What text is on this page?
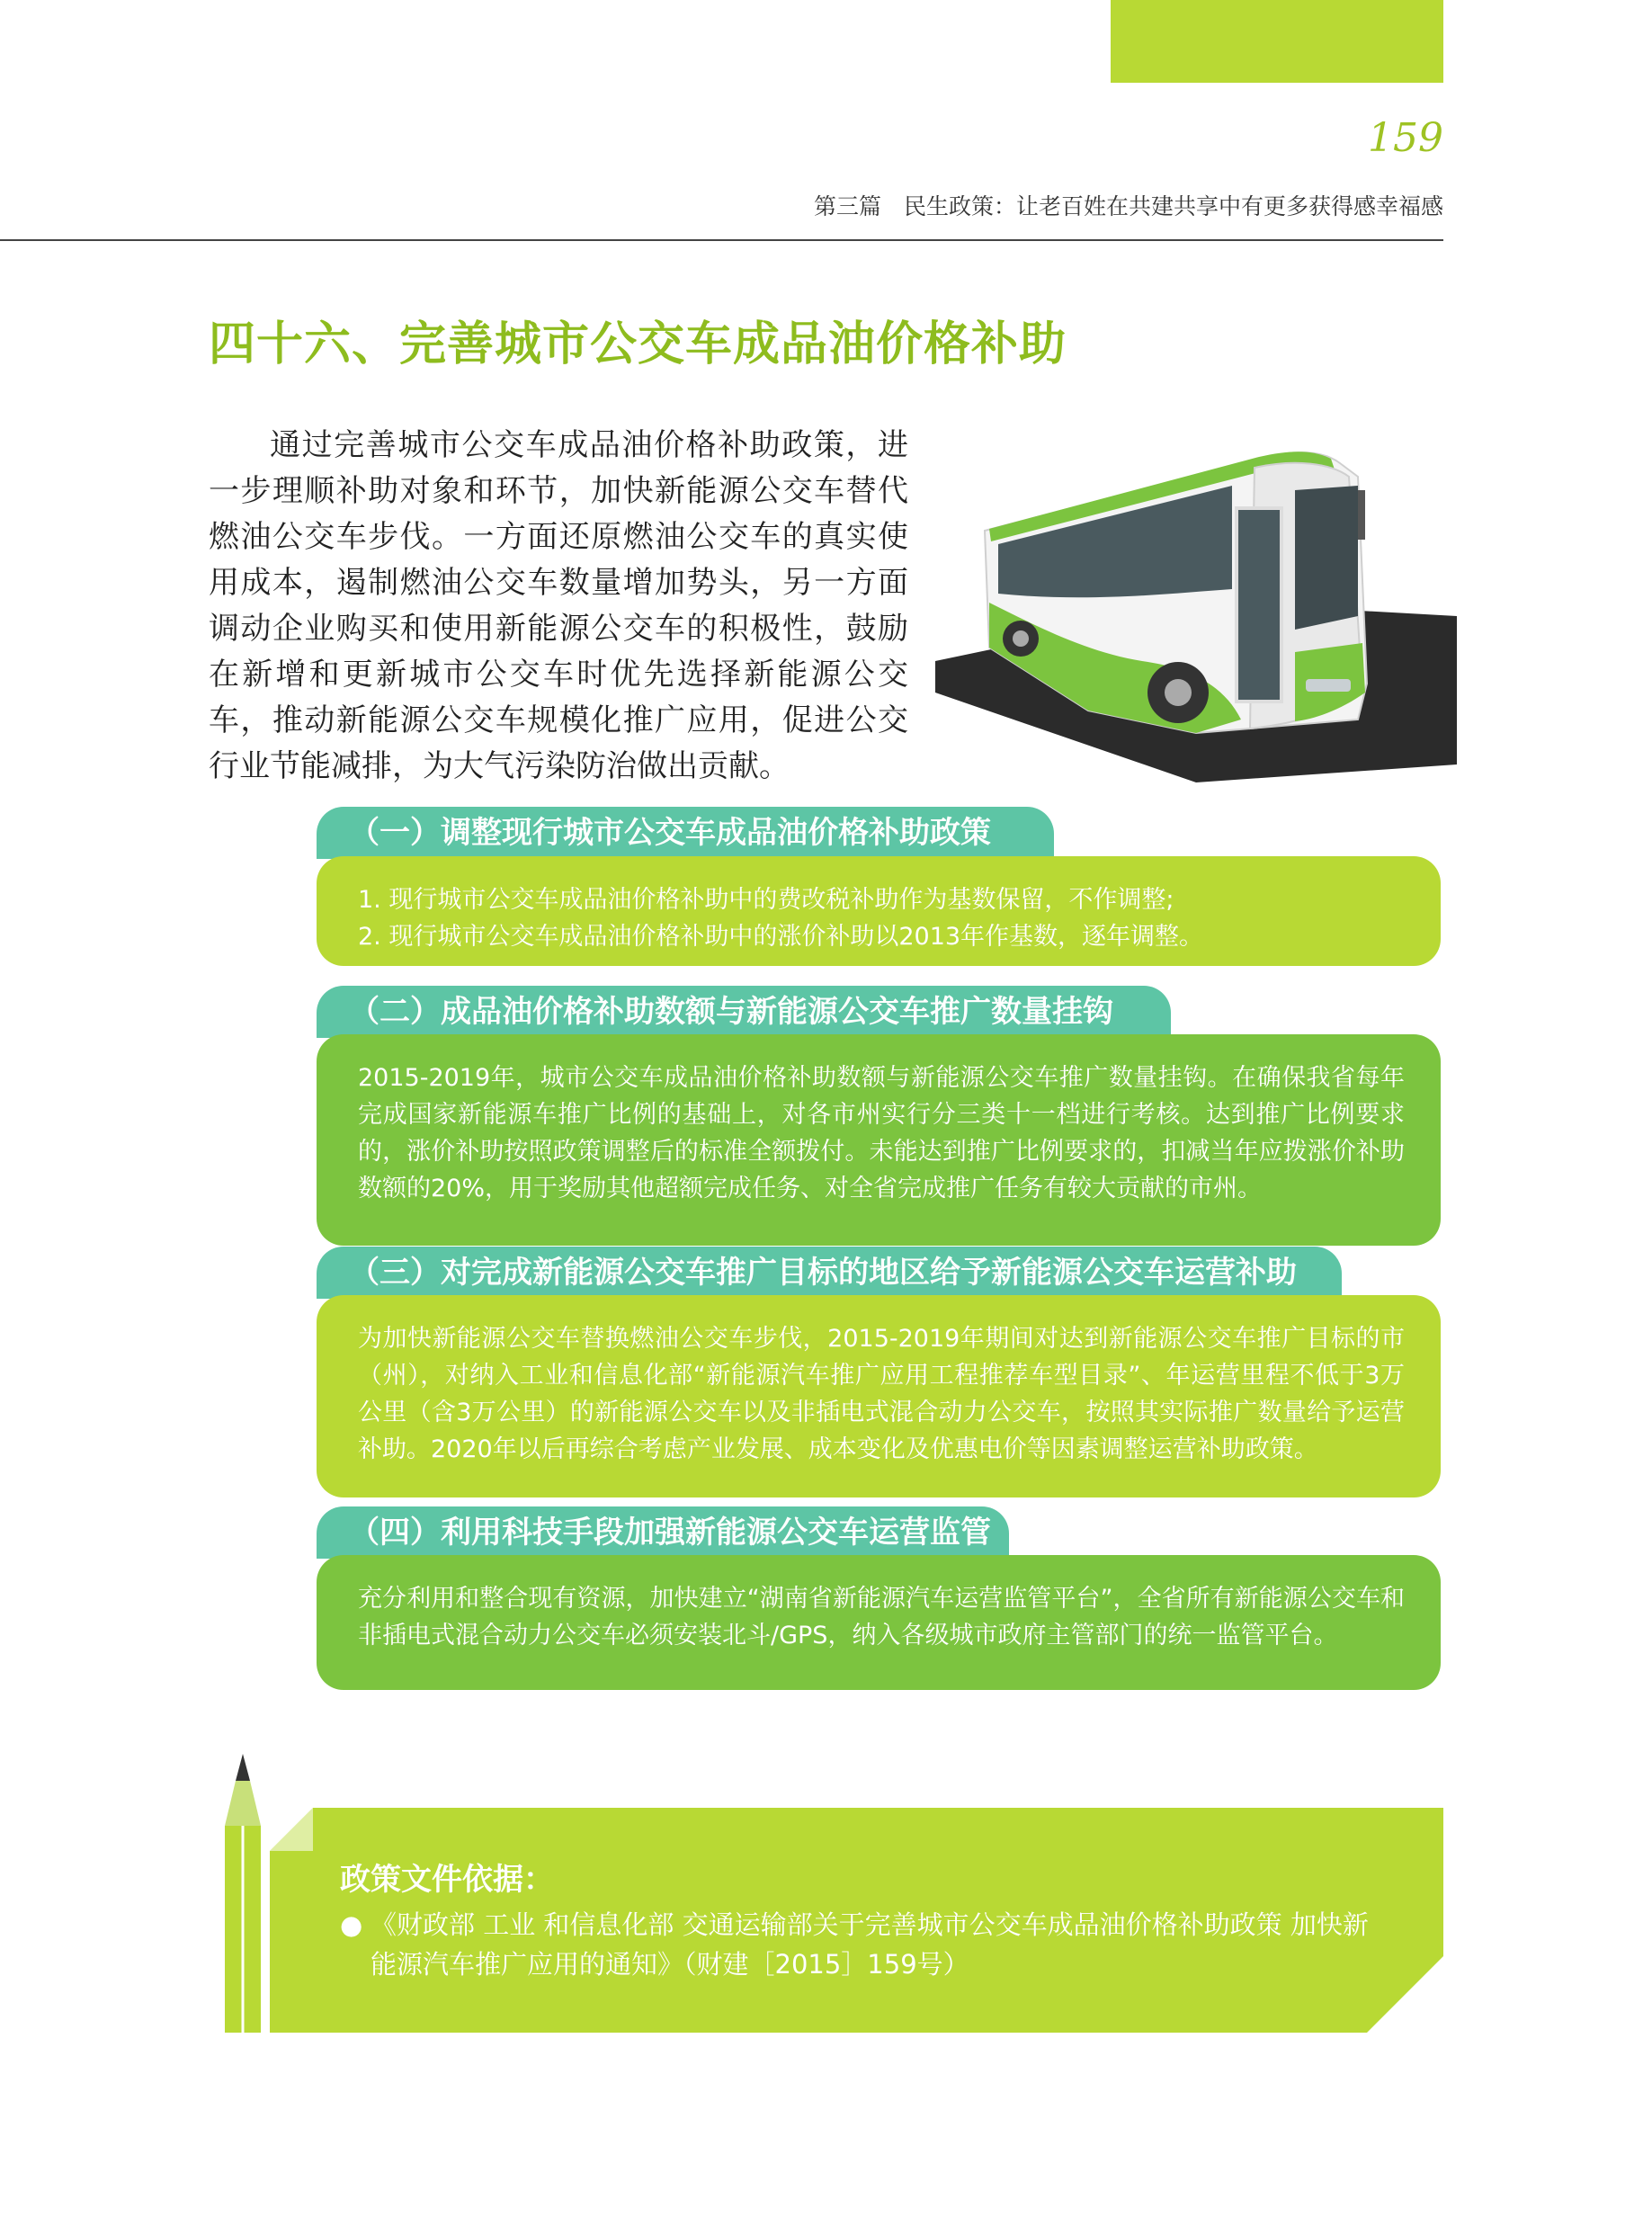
159

第三篇　民生政策：让老百姓在共建共享中有更多获得感幸福感

四十六、完善城市公交车成品油价格补助

通过完善城市公交车成品油价格补助政策，进一步理顺补助对象和环节，加快新能源公交车替代燃油公交车步伐。一方面还原燃油公交车的真实使用成本，遏制燃油公交车数量增加势头，另一方面调动企业购买和使用新能源公交车的积极性，鼓励在新增和更新城市公交车时优先选择新能源公交车，推动新能源公交车规模化推广应用，促进公交行业节能减排，为大气污染防治做出贡献。

（一）调整现行城市公交车成品油价格补助政策

1. 现行城市公交车成品油价格补助中的费改税补助作为基数保留，不作调整;

2. 现行城市公交车成品油价格补助中的涨价补助以2013年作基数，逐年调整。

（二）成品油价格补助数额与新能源公交车推广数量挂钩

2015-2019年，城市公交车成品油价格补助数额与新能源公交车推广数量挂钩。在确保我省每年完成国家新能源车推广比例的基础上，对各市州实行分三类十一档进行考核。达到推广比例要求的，涨价补助按照政策调整后的标准全额拨付。未能达到推广比例要求的，扣减当年应拨涨价补助数额的20%，用于奖励其他超额完成任务、对全省完成推广任务有较大贡献的市州。

（三）对完成新能源公交车推广目标的地区给予新能源公交车运营补助

为加快新能源公交车替换燃油公交车步伐，2015-2019年期间对达到新能源公交车推广目标的市（州），对纳入工业和信息化部“新能源汽车推广应用工程推荐车型目录”、年运营里程不低于3万公里（含3万公里）的新能源公交车以及非插电式混合动力公交车，按照其实际推广数量给予运营补助。2020年以后再综合考虑产业发展、成本变化及优惠电价等因素调整运营补助政策。

（四）利用科技手段加强新能源公交车运营监管

充分利用和整合现有资源，加快建立“湖南省新能源汽车运营监管平台”，全省所有新能源公交车和非插电式混合动力公交车必须安装北斗/GPS，纳入各级城市政府主管部门的统一监管平台。

政策文件依据：

● 《财政部 工业 和信息化部 交通运输部关于完善城市公交车成品油价格补助政策 加快新能源汽车推广应用的通知》（财建［2015］159号）
